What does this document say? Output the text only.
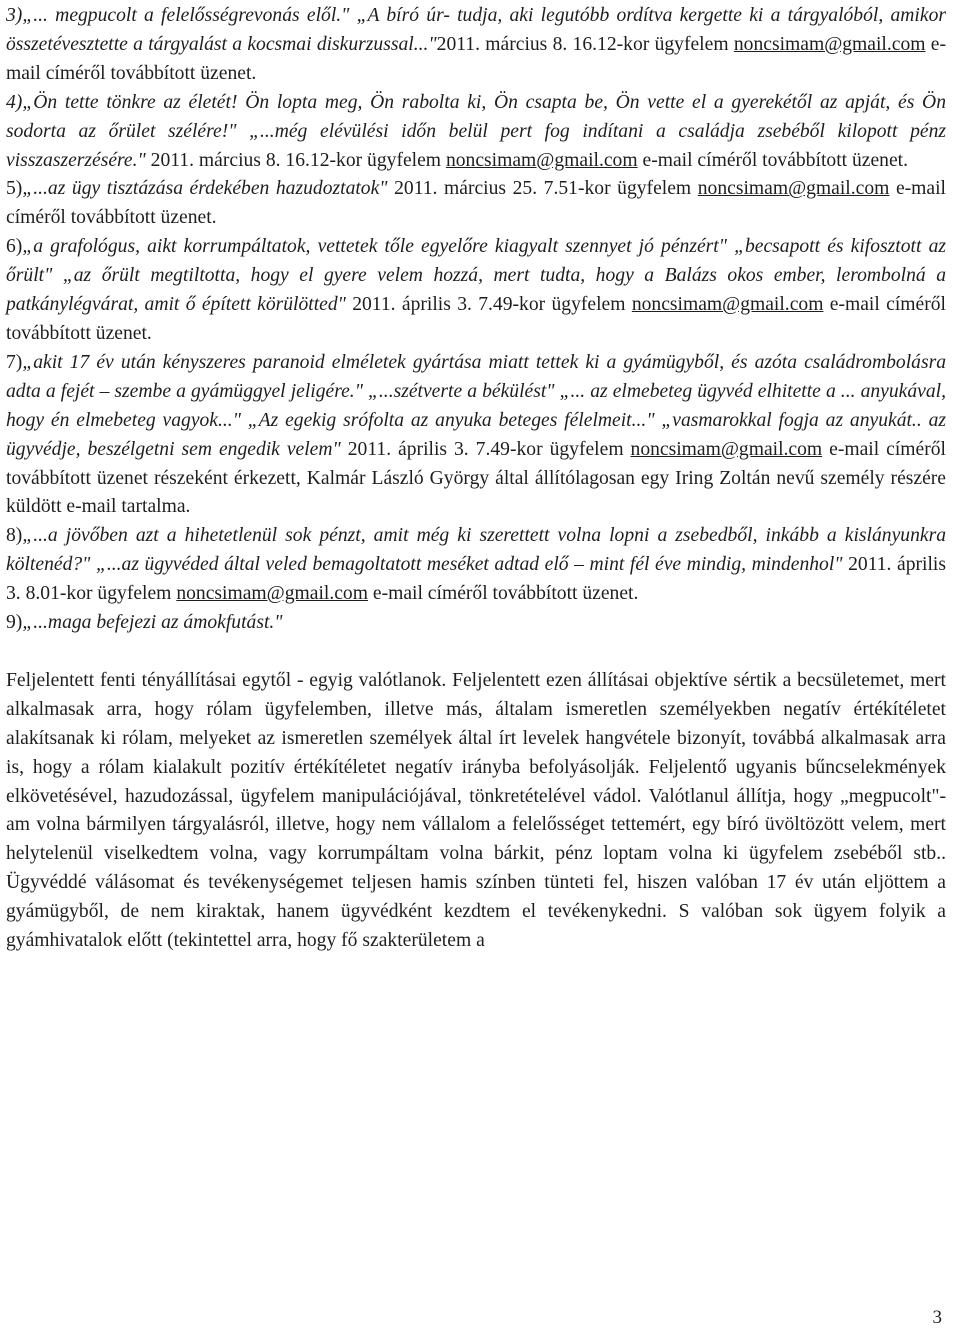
3)„... megpucolt a felelősségrevonás elől." „A bíró úr- tudja, aki legutóbb ordítva kergette ki a tárgyalóból, amikor összetévesztette a tárgyalást a kocsmai diskurzussal..."2011. március 8. 16.12-kor ügyfelem noncsimam@gmail.com e-mail címéről továbbított üzenet.

4)„Ön tette tönkre az életét! Ön lopta meg, Ön rabolta ki, Ön csapta be, Ön vette el a gyerekétől az apját, és Ön sodorta az őrület szélére!" „...még elévülési időn belül pert fog indítani a családja zsebéből kilopott pénz visszaszerzésére." 2011. március 8. 16.12-kor ügyfelem noncsimam@gmail.com e-mail címéről továbbított üzenet.

5)„...az ügy tisztázása érdekében hazudoztatok" 2011. március 25. 7.51-kor ügyfelem noncsimam@gmail.com e-mail címéről továbbított üzenet.

6)„a grafológus, aikt korrumpáltatok, vettetek tőle egyelőre kiagyalt szennyet jó pénzért" „becsapott és kifosztott az őrült" „az őrült megtiltotta, hogy el gyere velem hozzá, mert tudta, hogy a Balázs okos ember, lerombolná a patkánylégvárat, amit ő épített körülötted" 2011. április 3. 7.49-kor ügyfelem noncsimam@gmail.com e-mail címéről továbbított üzenet.

7)„akit 17 év után kényszeres paranoid elméletek gyártása miatt tettek ki a gyámügyből, és azóta családrombolásra adta a fejét – szembe a gyámüggyel jeligére." „...szétverte a békülést" „... az elmebeteg ügyvéd elhitette a ... anyukával, hogy én elmebeteg vagyok..." „Az egekig srófolta az anyuka beteges félelmeit..." „vasmarokkal fogja az anyukát.. az ügyvédje, beszélgetni sem engedik velem" 2011. április 3. 7.49-kor ügyfelem noncsimam@gmail.com e-mail címéről továbbított üzenet részeként érkezett, Kalmár László György által állítólagosan egy Iring Zoltán nevű személy részére küldött e-mail tartalma.

8)„...a jövőben azt a hihetetlenül sok pénzt, amit még ki szerettett volna lopni a zsebedből, inkább a kislányunkra költenéd?" „...az ügyvéded által veled bemagoltatott meséket adtad elő – mint fél éve mindig, mindenhol" 2011. április 3. 8.01-kor ügyfelem noncsimam@gmail.com e-mail címéről továbbított üzenet.

9)„...maga befejezi az ámokfutást."

Feljelentett fenti tényállításai egytől - egyig valótlanok. Feljelentett ezen állításai objektíve sértik a becsületemet, mert alkalmasak arra, hogy rólam ügyfelemben, illetve más, általam ismeretlen személyekben negatív értékítéletet alakítsanak ki rólam, melyeket az ismeretlen személyek által írt levelek hangvétele bizonyít, továbbá alkalmasak arra is, hogy a rólam kialakult pozitív értékítéletet negatív irányba befolyásolják. Feljelentő ugyanis bűncselekmények elkövetésével, hazudozással, ügyfelem manipulációjával, tönkretételével vádol. Valótlanul állítja, hogy „megpucolt"-am volna bármilyen tárgyalásról, illetve, hogy nem vállalom a felelősséget tettemért, egy bíró üvöltözött velem, mert helytelenül viselkedtem volna, vagy korrumpáltam volna bárkit, pénz loptam volna ki ügyfelem zsebéből stb.. Ügyvéddé válásomat és tevékenységemet teljesen hamis színben tünteti fel, hiszen valóban 17 év után eljöttem a gyámügyből, de nem kiraktak, hanem ügyvédként kezdtem el tevékenykedni. S valóban sok ügyem folyik a gyámhivatalok előtt (tekintettel arra, hogy fő szakterületem a

3
